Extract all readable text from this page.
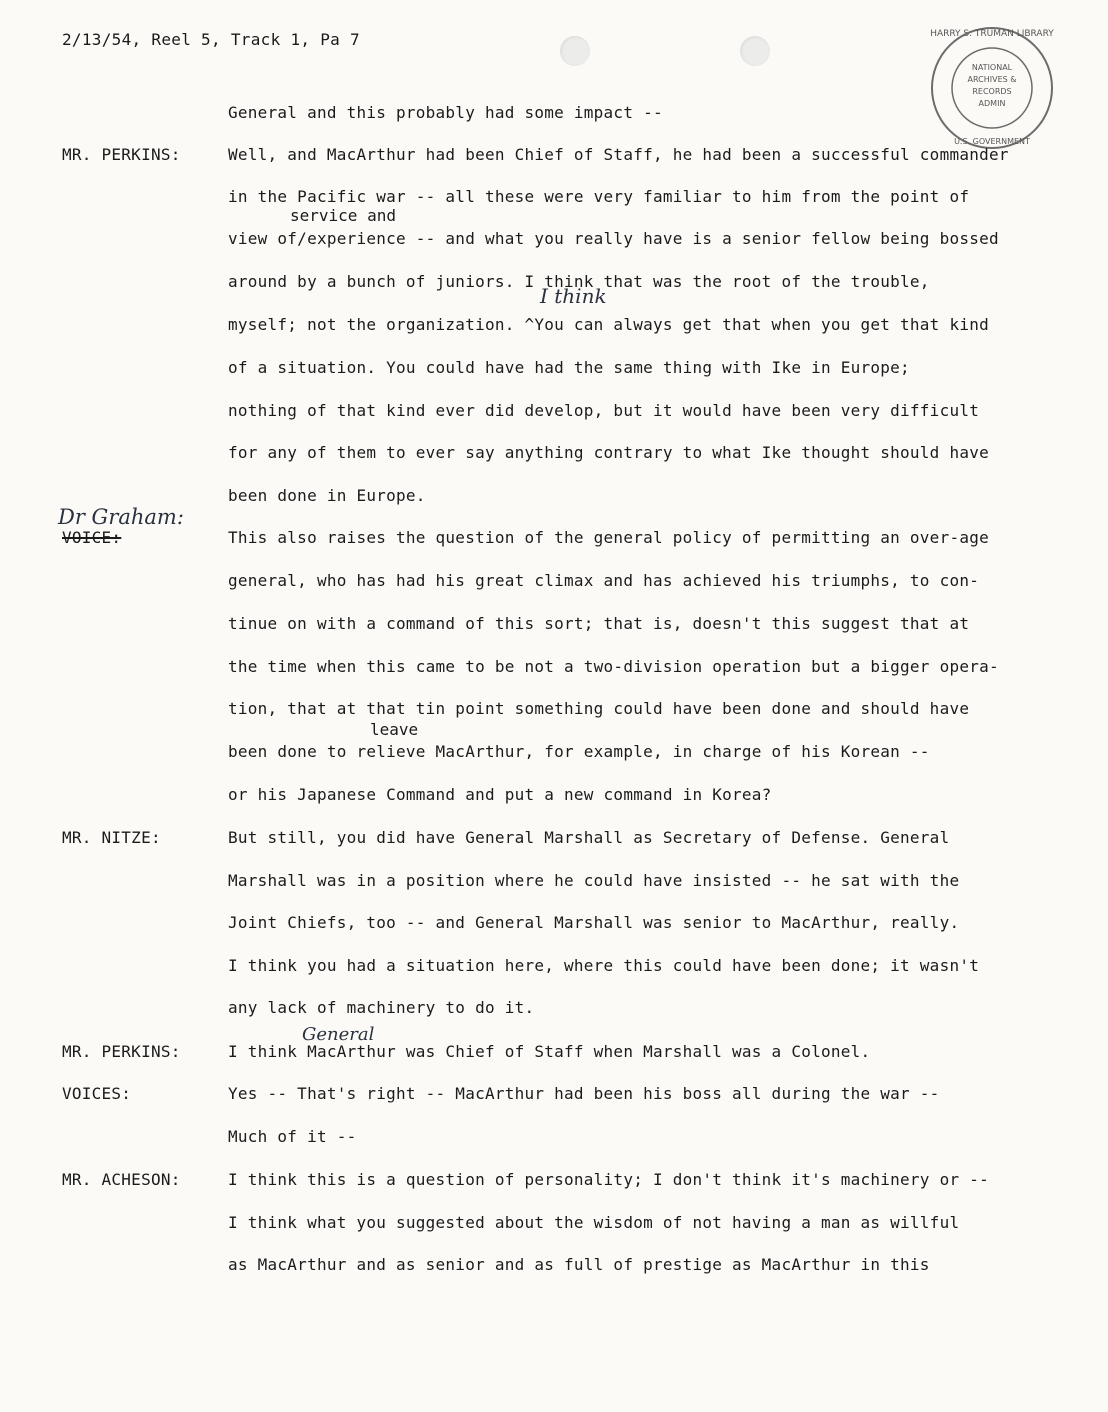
2/13/54, Reel 5, Track 1, Pa 7	HARRY S. TRUMAN LIBRARY
NATIONAL
ARCHIVES &
RECORDS
ADMIN
U.S. GOVERNMENT
MR. PERKINS:
Dr Graham:
VOICE:
MR. NITZE:
MR. PERKINS:
VOICES:
MR. ACHESON:
service and
I think
leave
General
General and this probably had some impact --
Well, and MacArthur had been Chief of Staff, he had been a successful commander
in the Pacific war -- all these were very familiar to him from the point of
view of/experience -- and what you really have is a senior fellow being bossed
around by a bunch of juniors. I think that was the root of the trouble,
myself; not the organization. ^You can always get that when you get that kind
of a situation. You could have had the same thing with Ike in Europe;
nothing of that kind ever did develop, but it would have been very difficult
for any of them to ever say anything contrary to what Ike thought should have
been done in Europe.
This also raises the question of the general policy of permitting an over-age
general, who has had his great climax and has achieved his triumphs, to con-
tinue on with a command of this sort; that is, doesn't this suggest that at
the time when this came to be not a two-division operation but a bigger opera-
tion, that at that tin point something could have been done and should have
been done to relieve MacArthur, for example, in charge of his Korean --
or his Japanese Command and put a new command in Korea?
But still, you did have General Marshall as Secretary of Defense. General
Marshall was in a position where he could have insisted -- he sat with the
Joint Chiefs, too -- and General Marshall was senior to MacArthur, really.
I think you had a situation here, where this could have been done; it wasn't
any lack of machinery to do it.
I think MacArthur was Chief of Staff when Marshall was a Colonel.
Yes -- That's right -- MacArthur had been his boss all during the war --
Much of it --
I think this is a question of personality; I don't think it's machinery or --
I think what you suggested about the wisdom of not having a man as willful
as MacArthur and as senior and as full of prestige as MacArthur in this
